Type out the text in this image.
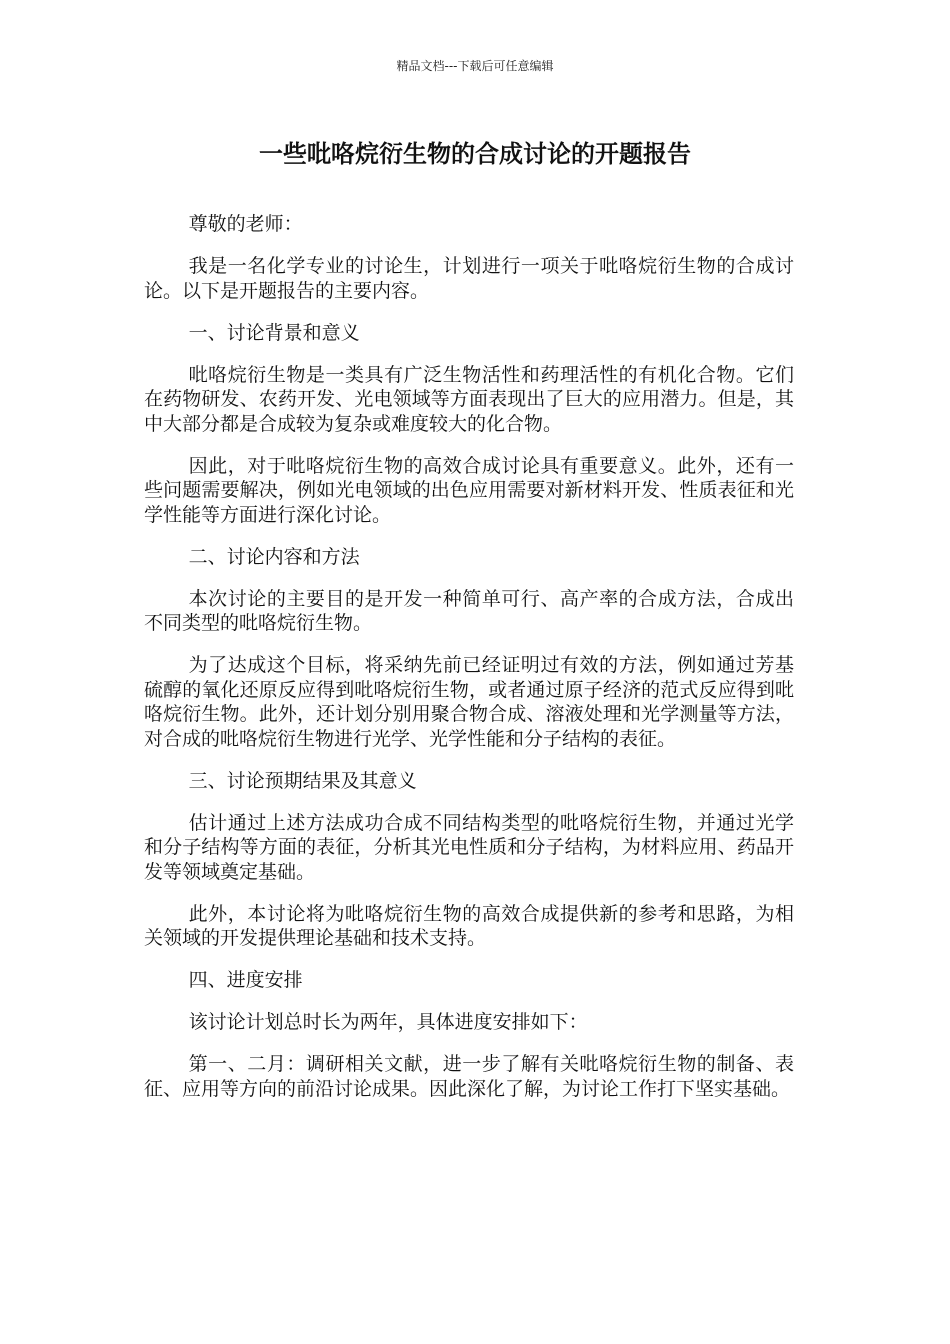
精品文档---下载后可任意编辑
一些吡咯烷衍生物的合成讨论的开题报告

尊敬的老师：

我是一名化学专业的讨论生，计划进行一项关于吡咯烷衍生物的合成讨论。以下是开题报告的主要内容。

一、讨论背景和意义

吡咯烷衍生物是一类具有广泛生物活性和药理活性的有机化合物。它们在药物研发、农药开发、光电领域等方面表现出了巨大的应用潜力。但是，其中大部分都是合成较为复杂或难度较大的化合物。

因此，对于吡咯烷衍生物的高效合成讨论具有重要意义。此外，还有一些问题需要解决，例如光电领域的出色应用需要对新材料开发、性质表征和光学性能等方面进行深化讨论。

二、讨论内容和方法

本次讨论的主要目的是开发一种简单可行、高产率的合成方法，合成出不同类型的吡咯烷衍生物。

为了达成这个目标，将采纳先前已经证明过有效的方法，例如通过芳基硫醇的氧化还原反应得到吡咯烷衍生物，或者通过原子经济的范式反应得到吡咯烷衍生物。此外，还计划分别用聚合物合成、溶液处理和光学测量等方法，对合成的吡咯烷衍生物进行光学、光学性能和分子结构的表征。

三、讨论预期结果及其意义

估计通过上述方法成功合成不同结构类型的吡咯烷衍生物，并通过光学和分子结构等方面的表征，分析其光电性质和分子结构，为材料应用、药品开发等领域奠定基础。

此外，本讨论将为吡咯烷衍生物的高效合成提供新的参考和思路，为相关领域的开发提供理论基础和技术支持。

四、进度安排

该讨论计划总时长为两年，具体进度安排如下：

第一、二月：调研相关文献，进一步了解有关吡咯烷衍生物的制备、表征、应用等方向的前沿讨论成果。因此深化了解，为讨论工作打下坚实基础。
